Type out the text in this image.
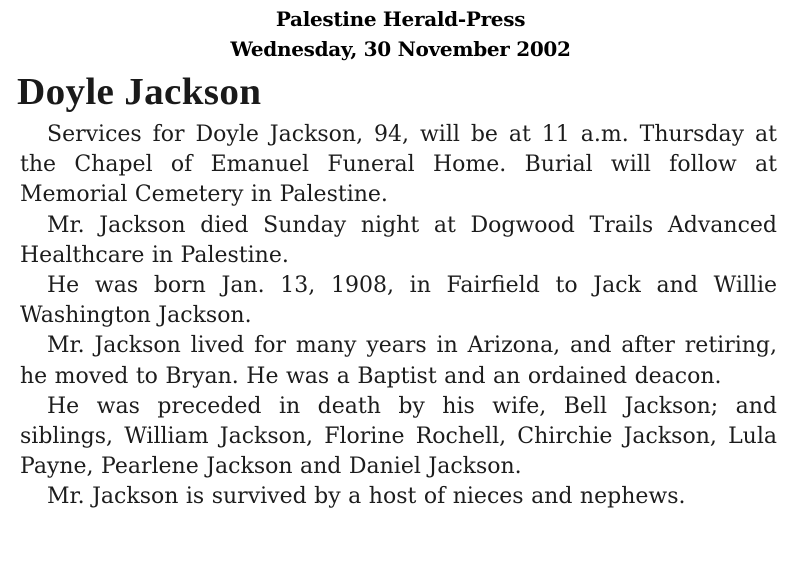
Palestine Herald-Press
Wednesday, 30 November 2002
Doyle Jackson

Services for Doyle Jackson, 94, will be at 11 a.m. Thursday at the Chapel of Emanuel Funeral Home. Burial will follow at Memorial Cemetery in Palestine.

Mr. Jackson died Sunday night at Dogwood Trails Advanced Healthcare in Palestine.

He was born Jan. 13, 1908, in Fairfield to Jack and Willie Washington Jackson.

Mr. Jackson lived for many years in Arizona, and after retiring, he moved to Bryan. He was a Baptist and an ordained deacon.

He was preceded in death by his wife, Bell Jackson; and siblings, William Jackson, Florine Rochell, Chirchie Jackson, Lula Payne, Pearlene Jackson and Daniel Jackson.

Mr. Jackson is survived by a host of nieces and nephews.
